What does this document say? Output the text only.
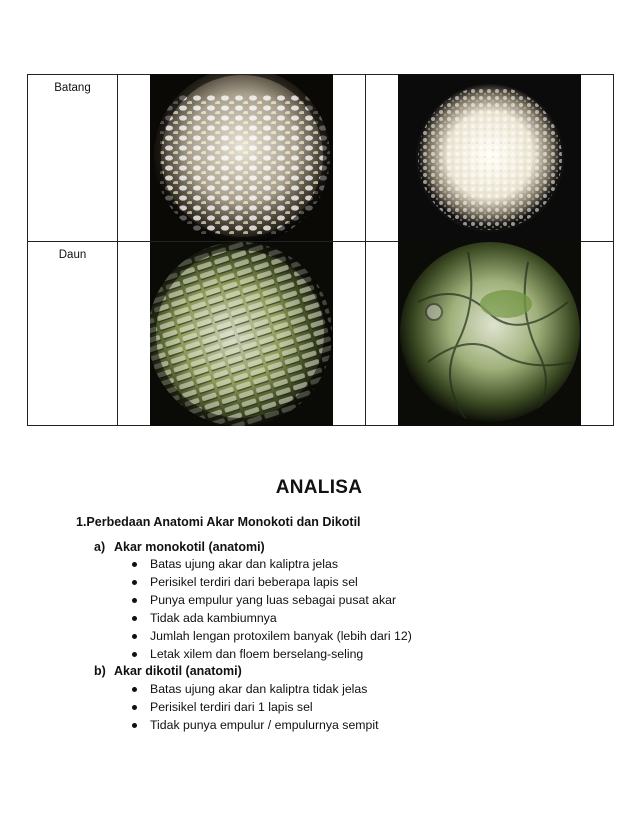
Batang
Daun
ANALISA
1.Perbedaan Anatomi Akar Monokoti dan Dikotil
a) Akar monokotil (anatomi)
Batas ujung akar dan kaliptra jelas
Perisikel terdiri dari beberapa lapis sel
Punya empulur yang luas sebagai pusat akar
Tidak ada kambiumnya
Jumlah lengan protoxilem banyak (lebih dari 12)
Letak xilem dan floem berselang-seling
b) Akar dikotil (anatomi)
Batas ujung akar dan kaliptra tidak jelas
Perisikel terdiri dari 1 lapis sel
Tidak punya empulur / empulurnya sempit
